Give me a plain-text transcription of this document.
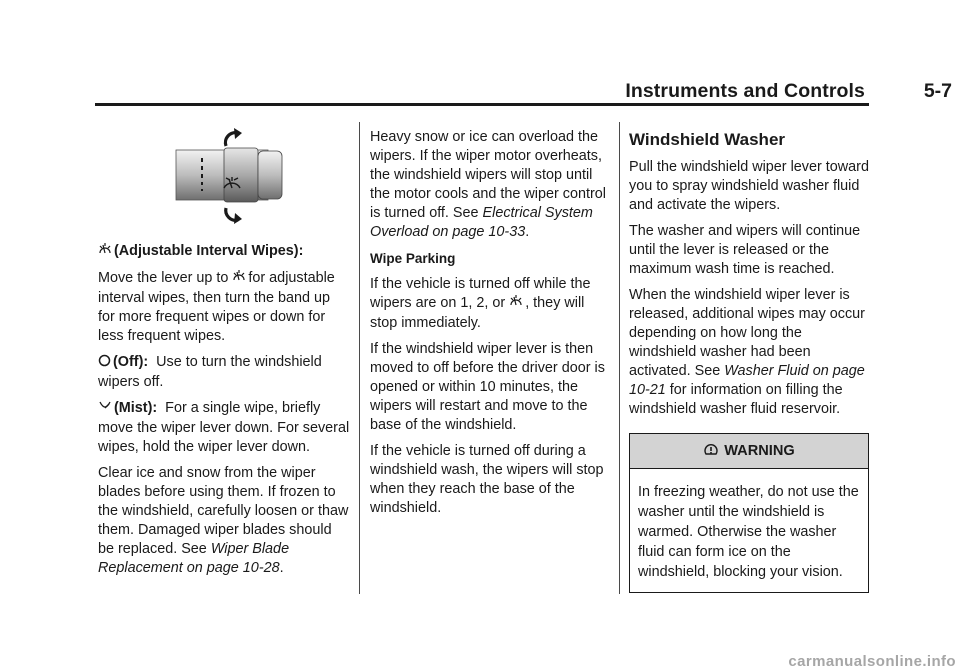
Instruments and Controls	5-7

(Adjustable Interval Wipes):

Move the lever up to for adjustable interval wipes, then turn the band up for more frequent wipes or down for less frequent wipes.

(Off): Use to turn the windshield wipers off.

(Mist): For a single wipe, briefly move the wiper lever down. For several wipes, hold the wiper lever down.

Clear ice and snow from the wiper blades before using them. If frozen to the windshield, carefully loosen or thaw them. Damaged wiper blades should be replaced. See Wiper Blade Replacement on page 10-28.

Heavy snow or ice can overload the wipers. If the wiper motor overheats, the windshield wipers will stop until the motor cools and the wiper control is turned off. See Electrical System Overload on page 10-33.

Wipe Parking

If the vehicle is turned off while the wipers are on 1, 2, or , they will stop immediately.

If the windshield wiper lever is then moved to off before the driver door is opened or within 10 minutes, the wipers will restart and move to the base of the windshield.

If the vehicle is turned off during a windshield wash, the wipers will stop when they reach the base of the windshield.

Windshield Washer

Pull the windshield wiper lever toward you to spray windshield washer fluid and activate the wipers.

The washer and wipers will continue until the lever is released or the maximum wash time is reached.

When the windshield wiper lever is released, additional wipes may occur depending on how long the windshield washer had been activated. See Washer Fluid on page 10-21 for information on filling the windshield washer fluid reservoir.

WARNING
In freezing weather, do not use the washer until the windshield is warmed. Otherwise the washer fluid can form ice on the windshield, blocking your vision.
carmanualsonline.info
